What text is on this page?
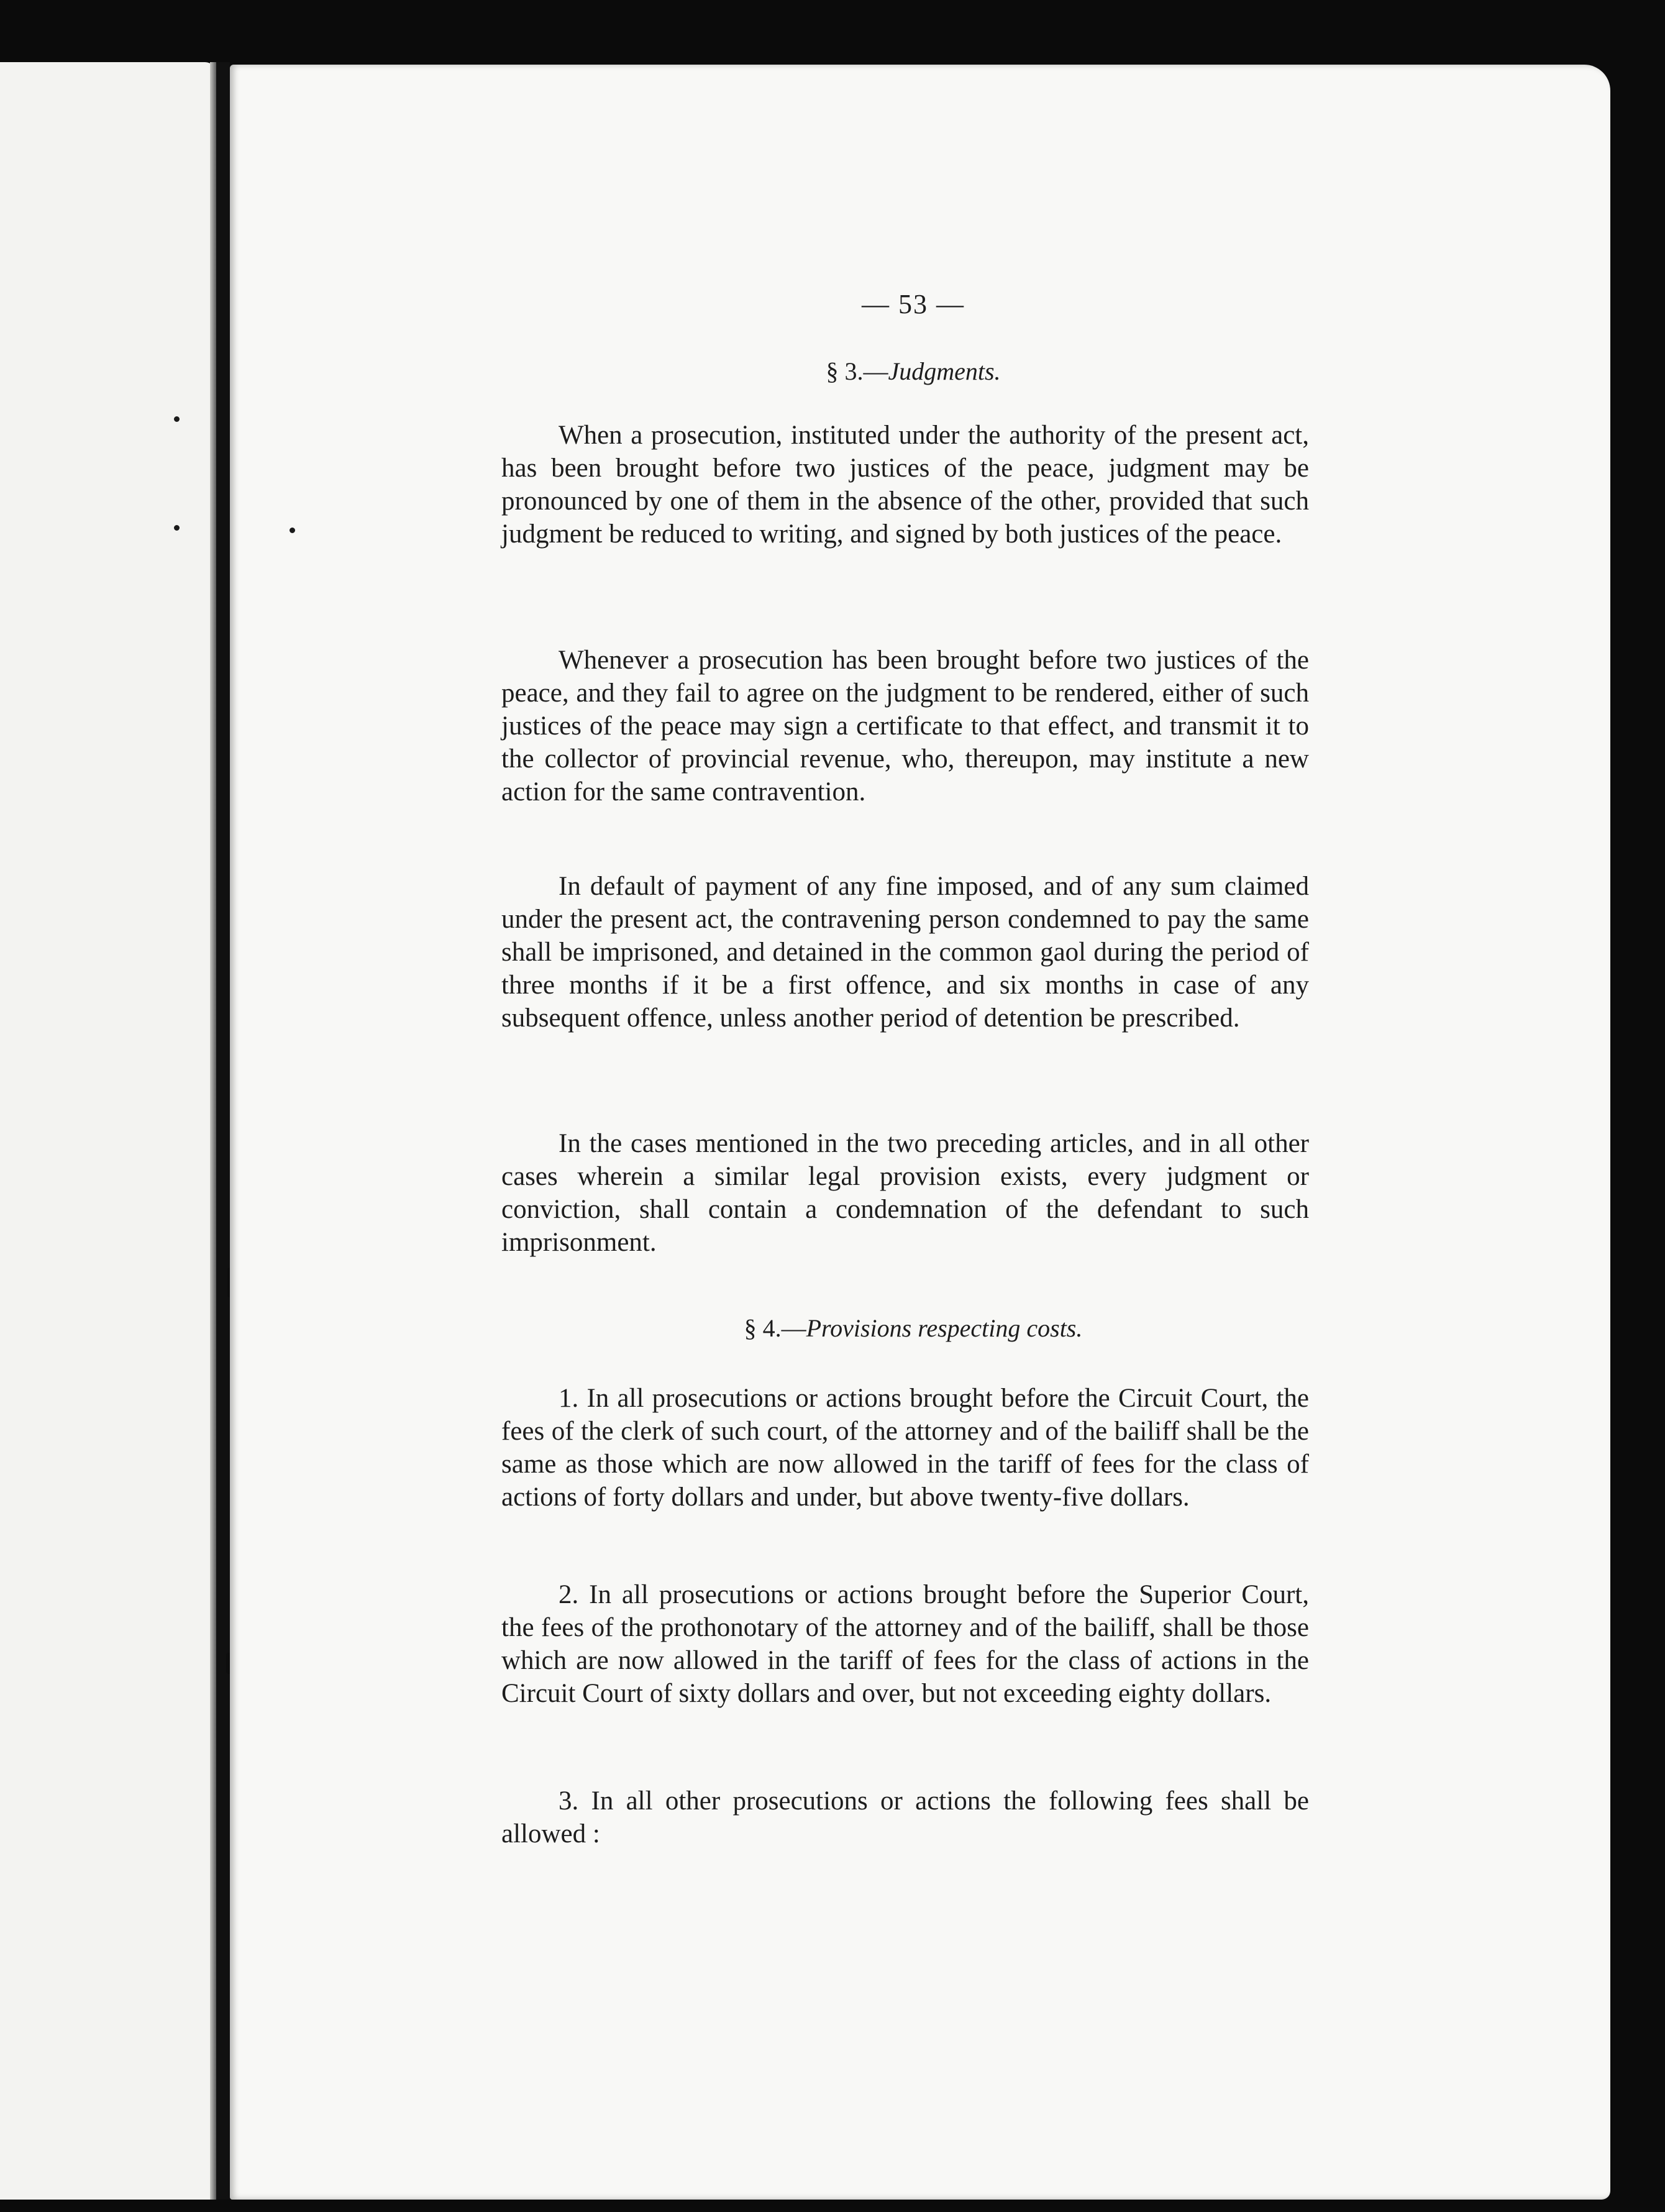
— 53 —
§ 3.—Judgments.

When a prosecution, instituted under the authority of the present act, has been brought before two justices of the peace, judgment may be pronounced by one of them in the absence of the other, provided that such judgment be reduced to writing, and signed by both justices of the peace.

Whenever a prosecution has been brought before two justices of the peace, and they fail to agree on the judgment to be rendered, either of such justices of the peace may sign a certificate to that effect, and transmit it to the collector of provincial revenue, who, thereupon, may institute a new action for the same contravention.

In default of payment of any fine imposed, and of any sum claimed under the present act, the contravening person condemned to pay the same shall be imprisoned, and detained in the common gaol during the period of three months if it be a first offence, and six months in case of any subsequent offence, unless another period of detention be prescribed.

In the cases mentioned in the two preceding articles, and in all other cases wherein a similar legal provision exists, every judgment or conviction, shall contain a condemnation of the defendant to such imprisonment.

§ 4.—Provisions respecting costs.

1. In all prosecutions or actions brought before the Circuit Court, the fees of the clerk of such court, of the attorney and of the bailiff shall be the same as those which are now allowed in the tariff of fees for the class of actions of forty dollars and under, but above twenty-five dollars.

2. In all prosecutions or actions brought before the Superior Court, the fees of the prothonotary of the attorney and of the bailiff, shall be those which are now allowed in the tariff of fees for the class of actions in the Circuit Court of sixty dollars and over, but not exceeding eighty dollars.

3. In all other prosecutions or actions the following fees shall be allowed :
